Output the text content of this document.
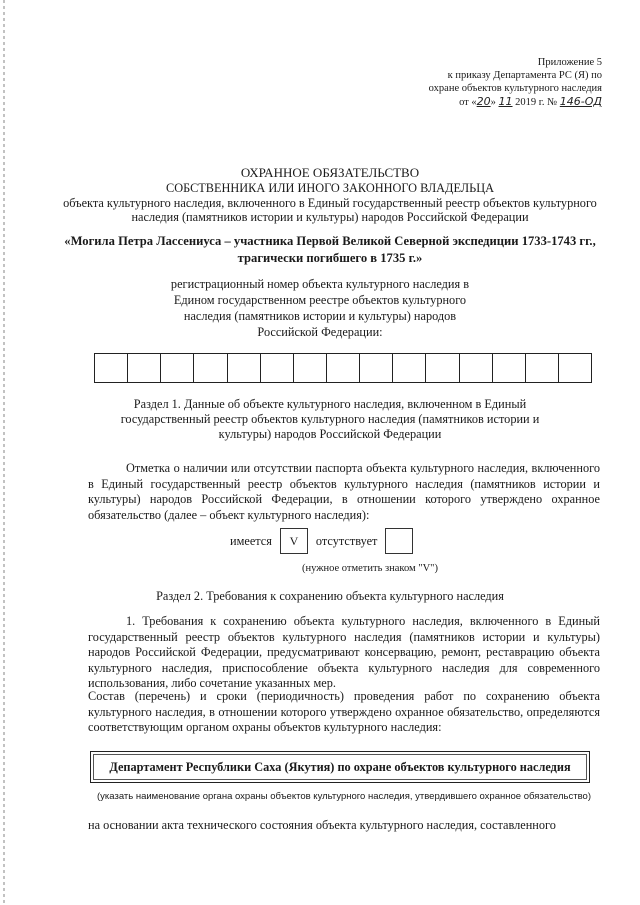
Приложение 5
к приказу Департамента РС (Я) по
охране объектов культурного наследия
от «20» 11 2019 г. № 146-ОД
ОХРАННОЕ ОБЯЗАТЕЛЬСТВО
СОБСТВЕННИКА ИЛИ ИНОГО ЗАКОННОГО ВЛАДЕЛЬЦА
объекта культурного наследия, включенного в Единый государственный реестр объектов культурного наследия (памятников истории и культуры) народов Российской Федерации
«Могила Петра Лассениуса – участника Первой Великой Северной экспедиции 1733-1743 гг., трагически погибшего в 1735 г.»
регистрационный номер объекта культурного наследия в Едином государственном реестре объектов культурного наследия (памятников истории и культуры) народов Российской Федерации:
Раздел 1. Данные об объекте культурного наследия, включенном в Единый государственный реестр объектов культурного наследия (памятников истории и культуры) народов Российской Федерации
Отметка о наличии или отсутствии паспорта объекта культурного наследия, включенного в Единый государственный реестр объектов культурного наследия (памятников истории и культуры) народов Российской Федерации, в отношении которого утверждено охранное обязательство (далее – объект культурного наследия):
имеется	V	отсутствует
(нужное отметить знаком "V")
Раздел 2. Требования к сохранению объекта культурного наследия
1. Требования к сохранению объекта культурного наследия, включенного в Единый государственный реестр объектов культурного наследия (памятников истории и культуры) народов Российской Федерации, предусматривают консервацию, ремонт, реставрацию объекта культурного наследия, приспособление объекта культурного наследия для современного использования, либо сочетание указанных мер.
Состав (перечень) и сроки (периодичность) проведения работ по сохранению объекта культурного наследия, в отношении которого утверждено охранное обязательство, определяются соответствующим органом охраны объектов культурного наследия:
Департамент Республики Саха (Якутия) по охране объектов культурного наследия
(указать наименование органа охраны объектов культурного наследия, утвердившего охранное обязательство)
на основании акта технического состояния объекта культурного наследия, составленного
